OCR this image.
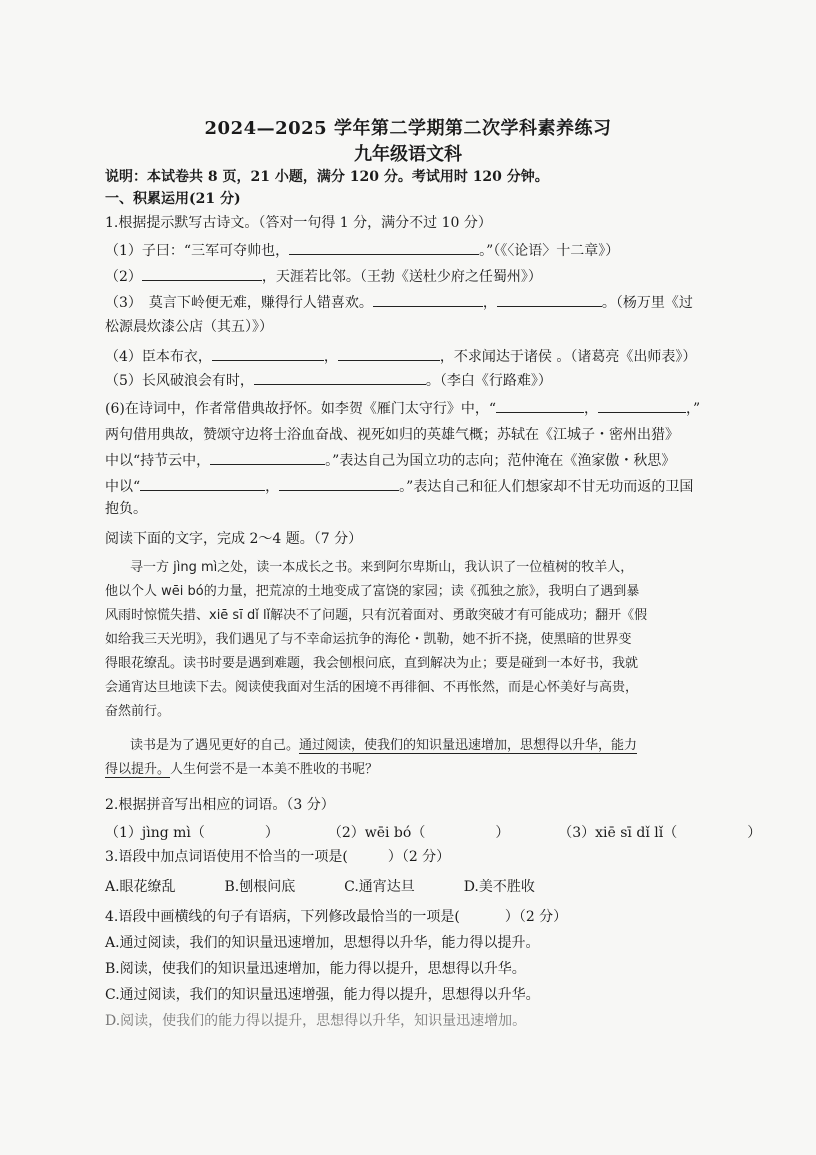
2024—2025 学年第二学期第二次学科素养练习
九年级语文科
说明：本试卷共 8 页，21 小题，满分 120 分。考试用时 120 分钟。
一、积累运用(21 分)
1.根据提示默写古诗文。（答对一句得 1 分，满分不过 10 分）
（1）子曰：“三军可夺帅也，	。”（《〈论语〉十二章》）
（2）	，天涯若比邻。（王勃《送杜少府之任蜀州》）
（3）　莫言下岭便无难，赚得行人错喜欢。	，	。（杨万里《过
松源晨炊漆公店（其五）》）
（4）臣本布衣，	，	，不求闻达于诸侯 。（诸葛亮《出师表》）
（5）长风破浪会有时，	。（李白《行路难》）
(6)在诗词中，作者常借典故抒怀。如李贺《雁门太守行》中，“	，	，”
两句借用典故，赞颂守边将士浴血奋战、视死如归的英雄气概；苏轼在《江城子・密州出猎》
中以“持节云中，	。”表达自己为国立功的志向；范仲淹在《渔家傲・秋思》
中以“	，	。”表达自己和征人们想家却不甘无功而返的卫国
抱负。
阅读下面的文字，完成 2～4 题。（7 分）
寻一方 jìng mì之处，读一本成长之书。来到阿尔卑斯山，我认识了一位植树的牧羊人，
他以个人 wēi bó的力量，把荒凉的土地变成了富饶的家园；读《孤独之旅》，我明白了遇到暴
风雨时惊慌失措、xiē sī dǐ lǐ解决不了问题，只有沉着面对、勇敢突破才有可能成功；翻开《假
如给我三天光明》，我们遇见了与不幸命运抗争的海伦・凯勒，她不折不挠，使黑暗的世界变
得眼花缭乱。读书时要是遇到难题，我会刨根问底，直到解决为止；要是碰到一本好书，我就
会通宵达旦地读下去。阅读使我面对生活的困境不再徘徊、不再怅然，而是心怀美好与高贵，
奋然前行。
读书是为了遇见更好的自己。通过阅读，使我们的知识量迅速增加，思想得以升华，能力
得以提升。人生何尝不是一本美不胜收的书呢？
2.根据拼音写出相应的词语。（3 分）
（1）jìng mì（	）	（2）wēi bó（	）	（3）xiē sī dǐ lǐ（	）
3.语段中加点词语使用不恰当的一项是(	）（2 分）
A.眼花缭乱	B.刨根问底	C.通宵达旦	D.美不胜收
4.语段中画横线的句子有语病，下列修改最恰当的一项是(	）（2 分）
A.通过阅读，我们的知识量迅速增加，思想得以升华，能力得以提升。
B.阅读，使我们的知识量迅速增加，能力得以提升，思想得以升华。
C.通过阅读，我们的知识量迅速增强，能力得以提升，思想得以升华。
D.阅读，使我们的能力得以提升，思想得以升华，知识量迅速增加。
